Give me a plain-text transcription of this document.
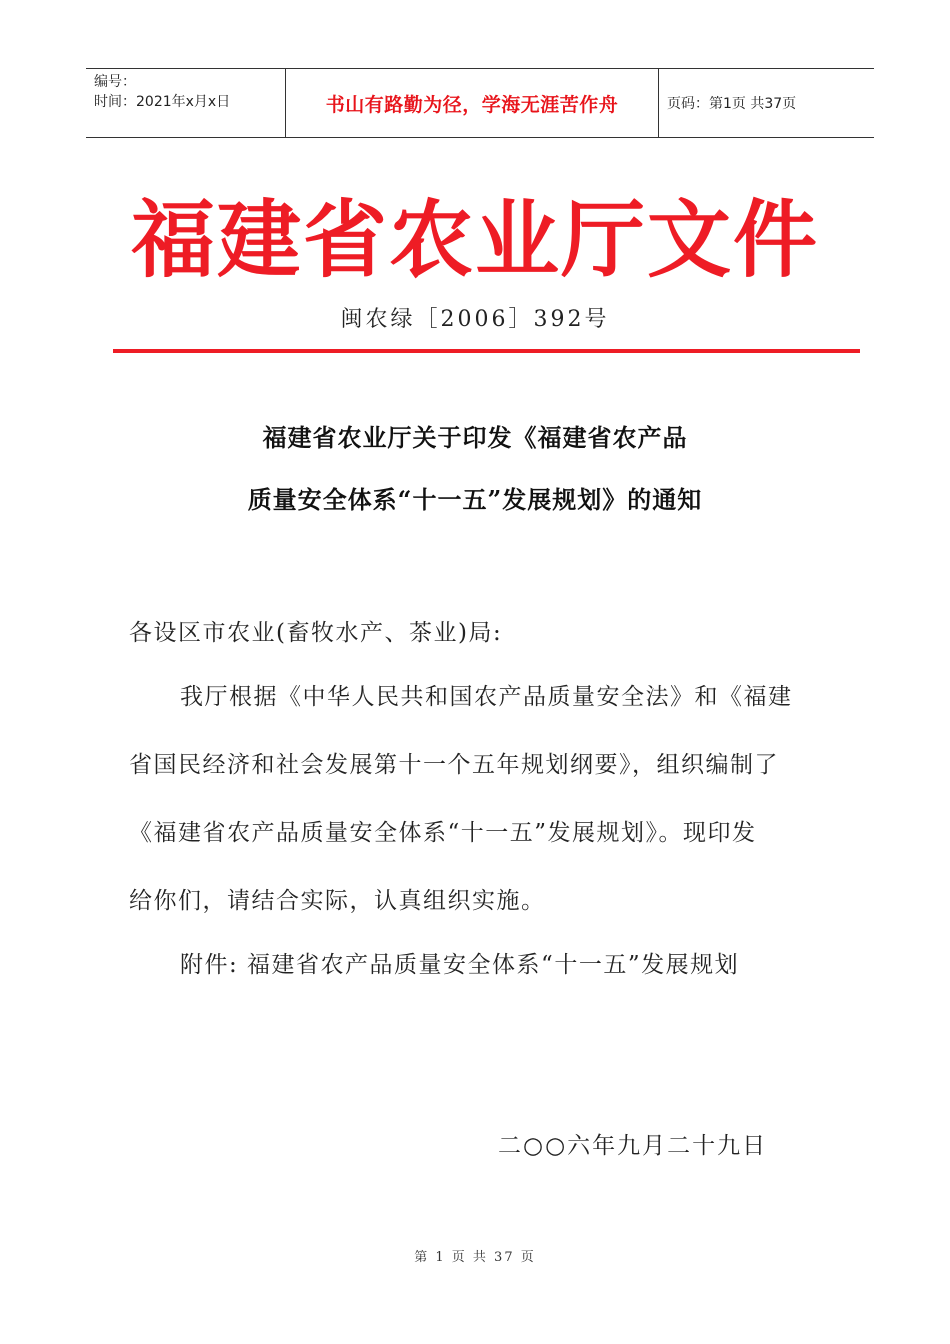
编号：
时间：2021年x月x日	书山有路勤为径，学海无涯苦作舟	页码：第1页 共37页
福建省农业厅文件
闽农绿［2006］392号
福建省农业厅关于印发《福建省农产品
质量安全体系“十一五”发展规划》的通知
各设区市农业(畜牧水产、茶业)局:
我厅根据《中华人民共和国农产品质量安全法》和《福建
省国民经济和社会发展第十一个五年规划纲要》，组织编制了
《福建省农产品质量安全体系“十一五”发展规划》。现印发
给你们，请结合实际，认真组织实施。
附件: 福建省农产品质量安全体系“十一五”发展规划
二○○六年九月二十九日
第 1 页 共 37 页
